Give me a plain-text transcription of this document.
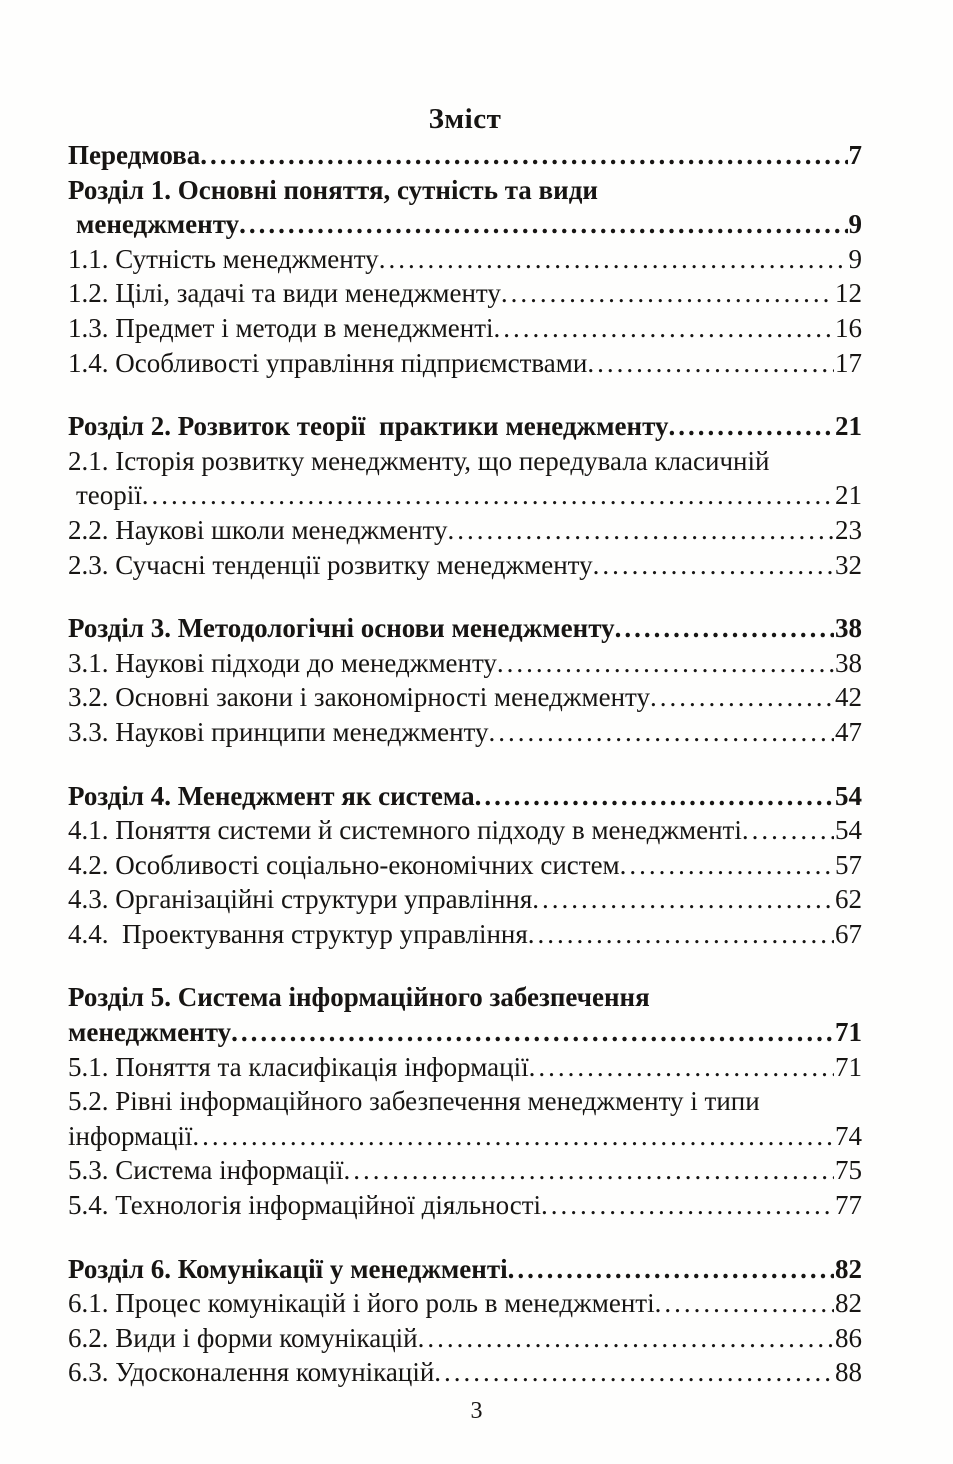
Зміст
Передмова .....	7
Розділ 1. Основні поняття, сутність та види
менеджменту .....	9
1.1. Сутність менеджменту .....	9
1.2. Цілі, задачі та види менеджменту .....	12
1.3. Предмет і методи в менеджменті .....	16
1.4. Особливості управління підприємствами .....	17
Розділ 2. Розвиток теорії  практики менеджменту .....	21
2.1. Історія розвитку менеджменту, що передувала класичній
теорії .....	21
2.2. Наукові школи менеджменту .....	23
2.3. Сучасні тенденції розвитку менеджменту .....	32
Розділ 3. Методологічні основи менеджменту .....	38
3.1. Наукові підходи до менеджменту .....	38
3.2. Основні закони і закономірності менеджменту .....	42
3.3. Наукові принципи менеджменту .....	47
Розділ 4. Менеджмент як система .....	54
4.1. Поняття системи й системного підходу в менеджменті .....	54
4.2. Особливості соціально-економічних систем .....	57
4.3. Організаційні структури управління .....	62
4.4.  Проектування структур управління .....	67
Розділ 5. Система інформаційного забезпечення
менеджменту .....	71
5.1. Поняття та класифікація інформації .....	71
5.2. Рівні інформаційного забезпечення менеджменту і типи
інформації .....	74
5.3. Система інформації .....	75
5.4. Технологія інформаційної діяльності .....	77
Розділ 6. Комунікації у менеджменті .....	82
6.1. Процес комунікацій і його роль в менеджменті .....	82
6.2. Види і форми комунікацій .....	86
6.3. Удосконалення комунікацій .....	88
3
